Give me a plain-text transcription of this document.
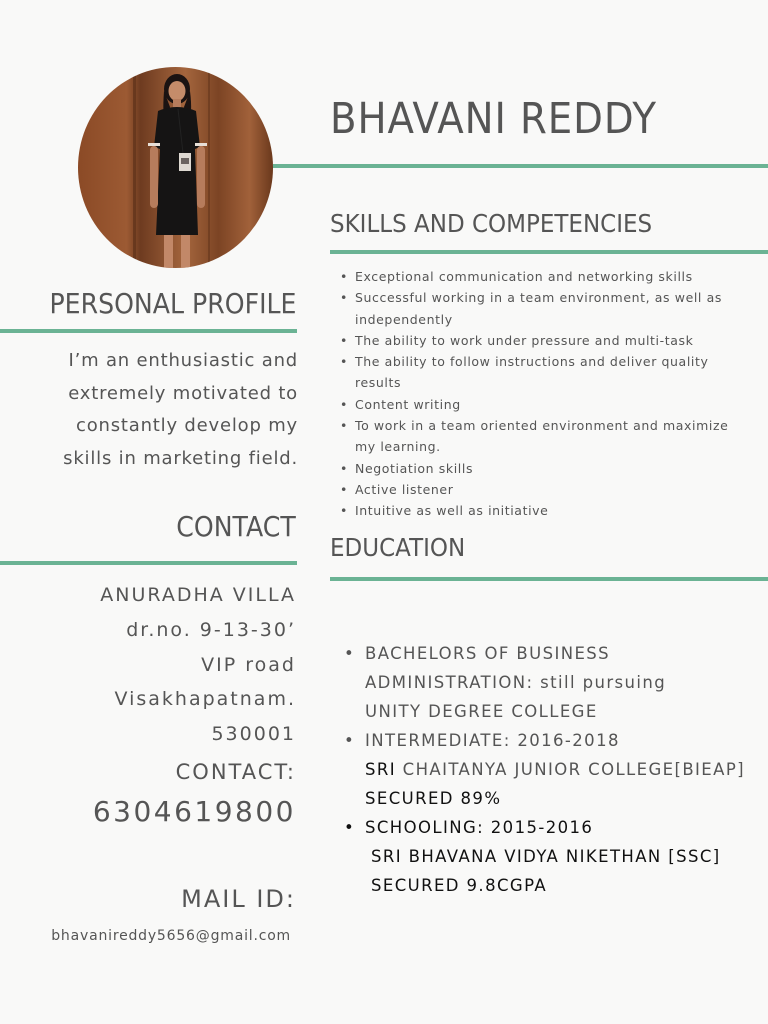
BHAVANI REDDY
SKILLS AND COMPETENCIES
• Exceptional communication and networking skills
• Successful working in a team environment, as well as
independently
• The ability to work under pressure and multi-task
• The ability to follow instructions and deliver quality
results
• Content writing
• To work in a team oriented environment and maximize
my learning.
• Negotiation skills
• Active listener
• Intuitive as well as initiative
PERSONAL PROFILE
I’m an enthusiastic and
extremely motivated to
constantly develop my
skills in marketing field.
CONTACT
ANURADHA VILLA
dr.no. 9-13-30’
VIP road
Visakhapatnam.
530001
CONTACT:
6304619800
MAIL ID:
bhavanireddy5656@gmail.com
EDUCATION
• BACHELORS OF BUSINESS
ADMINISTRATION: still pursuing
UNITY DEGREE COLLEGE
• INTERMEDIATE: 2016-2018
SRI CHAITANYA JUNIOR COLLEGE[BIEAP]
SECURED 89%
• SCHOOLING: 2015-2016
SRI BHAVANA VIDYA NIKETHAN [SSC]
SECURED 9.8CGPA
